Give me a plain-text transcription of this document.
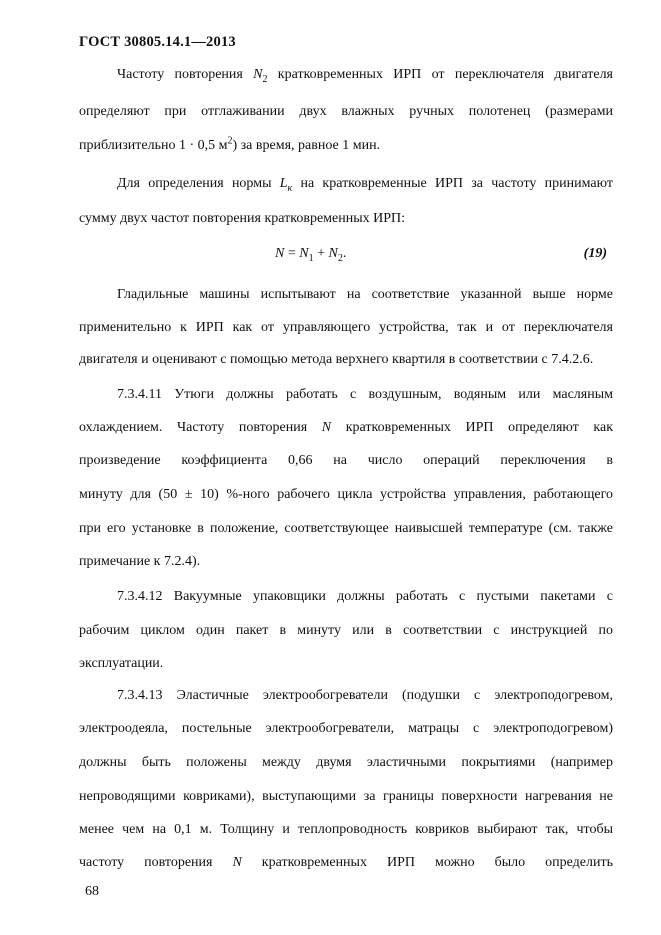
ГОСТ 30805.14.1—2013
Частоту повторения $N_2$ кратковременных ИРП от переключателя двигателя
определяют при отглаживании двух влажных ручных полотенец (размерами
приблизительно 1 · 0,5 $м^2$) за время, равное 1 мин.
Для определения нормы $L_к$ на кратковременные ИРП за частоту принимают
сумму двух частот повторения кратковременных ИРП:
$N = N_1 + N_2$.	(19)
Гладильные машины испытывают на соответствие указанной выше норме
применительно к ИРП как от управляющего устройства, так и от переключателя
двигателя и оценивают с помощью метода верхнего квартиля в соответствии с 7.4.2.6.
7.3.4.11 Утюги должны работать с воздушным, водяным или масляным
охлаждением. Частоту повторения N кратковременных ИРП определяют как
произведение коэффициента 0,66 на число операций переключения в
минуту для (50 ± 10) %-ного рабочего цикла устройства управления, работающего
при его установке в положение, соответствующее наивысшей температуре (см. также
примечание к 7.2.4).
7.3.4.12 Вакуумные упаковщики должны работать с пустыми пакетами с
рабочим циклом один пакет в минуту или в соответствии с инструкцией по
эксплуатации.
7.3.4.13 Эластичные электрообогреватели (подушки с электроподогревом,
электроодеяла, постельные электрообогреватели, матрацы с электроподогревом)
должны быть положены между двумя эластичными покрытиями (например
непроводящими ковриками), выступающими за границы поверхности нагревания не
менее чем на 0,1 м. Толщину и теплопроводность ковриков выбирают так, чтобы
частоту повторения N кратковременных ИРП можно было определить
68
